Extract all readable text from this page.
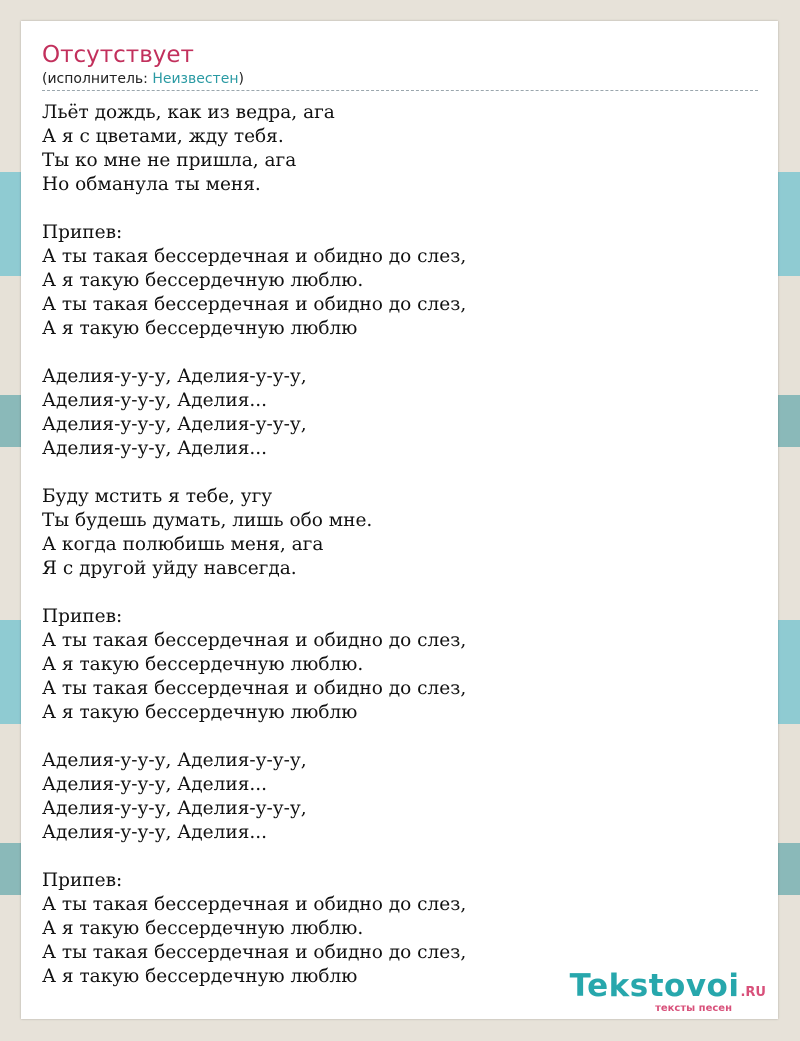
Отсутствует
(исполнитель: Неизвестен)
Льёт дождь, как из ведра, ага
А я с цветами, жду тебя.
Ты ко мне не пришла, ага
Но обманула ты меня.
Припев:
А ты такая бессердечная и обидно до слез,
А я такую бессердечную люблю.
А ты такая бессердечная и обидно до слез,
А я такую бессердечную люблю
Аделия-у-у-у, Аделия-у-у-у,
Аделия-у-у-у, Аделия...
Аделия-у-у-у, Аделия-у-у-у,
Аделия-у-у-у, Аделия...
Буду мстить я тебе, угу
Ты будешь думать, лишь обо мне.
А когда полюбишь меня, ага
Я с другой уйду навсегда.
Припев:
А ты такая бессердечная и обидно до слез,
А я такую бессердечную люблю.
А ты такая бессердечная и обидно до слез,
А я такую бессердечную люблю
Аделия-у-у-у, Аделия-у-у-у,
Аделия-у-у-у, Аделия...
Аделия-у-у-у, Аделия-у-у-у,
Аделия-у-у-у, Аделия...
Припев:
А ты такая бессердечная и обидно до слез,
А я такую бессердечную люблю.
А ты такая бессердечная и обидно до слез,
А я такую бессердечную люблю	Tekstovoi.RU
тексты песен
